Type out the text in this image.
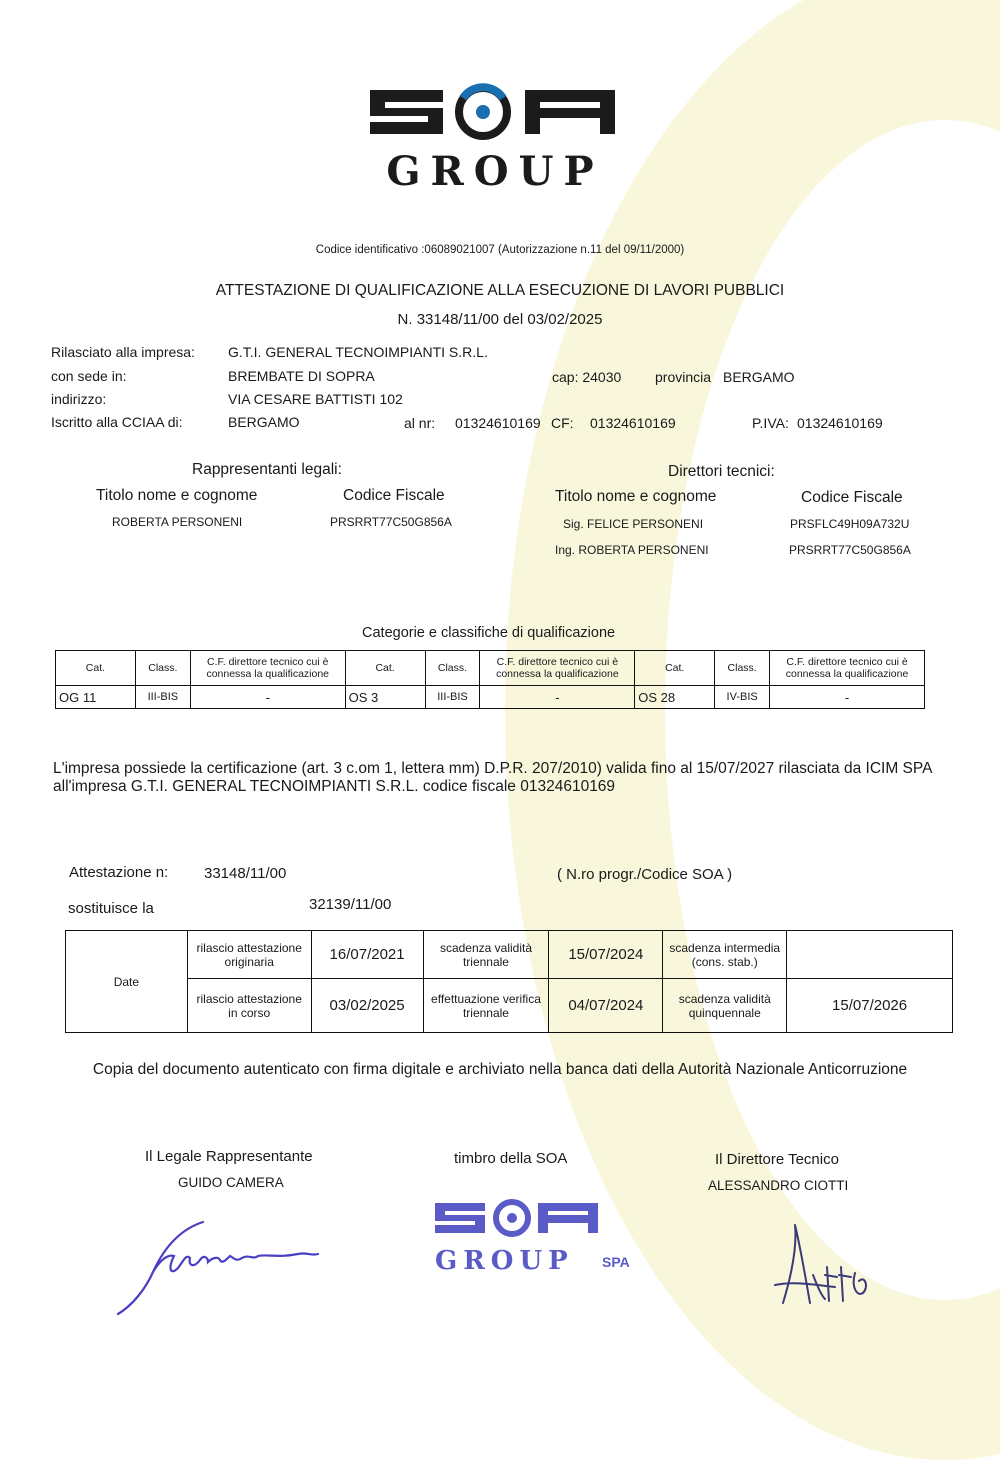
GROUP
Codice identificativo :06089021007 (Autorizzazione n.11 del 09/11/2000)
ATTESTAZIONE DI QUALIFICAZIONE ALLA ESECUZIONE DI LAVORI PUBBLICI
N. 33148/11/00 del 03/02/2025
Rilasciato alla impresa: G.T.I. GENERAL TECNOIMPIANTI S.R.L.
con sede in:	BREMBATE DI SOPRA	cap: 24030 provincia BERGAMO
indirizzo:	VIA CESARE BATTISTI 102
Iscritto alla CCIAA di:	BERGAMO	al nr: 01324610169 CF: 01324610169	P.IVA: 01324610169
Rappresentanti legali:	Direttori tecnici:
Titolo nome e cognome	Codice Fiscale	Titolo nome e cognome	Codice Fiscale
ROBERTA PERSONENI	PRSRRT77C50G856A	Sig. FELICE PERSONENI	PRSFLC49H09A732U
Ing. ROBERTA PERSONENI	PRSRRT77C50G856A
Categorie e classifiche di qualificazione
Cat.	Class.	C.F. direttore tecnico cui è connessa la qualificazione	Cat.	Class.	C.F. direttore tecnico cui è connessa la qualificazione	Cat.	Class.	C.F. direttore tecnico cui è connessa la qualificazione
OG 11	III-BIS	-	OS 3	III-BIS	-	OS 28	IV-BIS	-
L'impresa possiede la certificazione (art. 3 c.om 1, lettera mm) D.P.R. 207/2010) valida fino al 15/07/2027 rilasciata da ICIM SPA all'impresa G.T.I. GENERAL TECNOIMPIANTI S.R.L. codice fiscale 01324610169
Attestazione n: 33148/11/00	( N.ro progr./Codice SOA )
sostituisce la	32139/11/00
Date	rilascio attestazione originaria	16/07/2021	scadenza validità triennale	15/07/2024	scadenza intermedia (cons. stab.)	
	rilascio attestazione in corso	03/02/2025	effettuazione verifica triennale	04/07/2024	scadenza validità quinquennale	15/07/2026
Copia del documento autenticato con firma digitale e archiviato nella banca dati della Autorità Nazionale Anticorruzione
Il Legale Rappresentante
GUIDO CAMERA
timbro della SOA	Il Direttore Tecnico
ALESSANDRO CIOTTI
GROUP SPA
